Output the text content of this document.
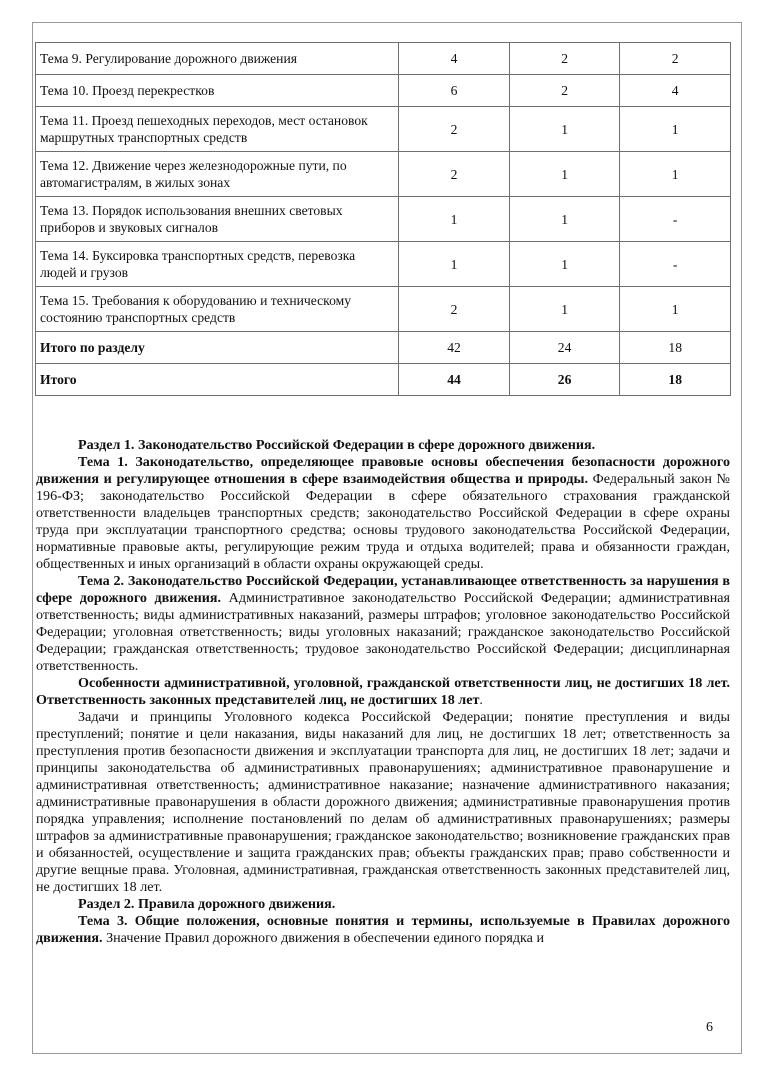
Тема 9. Регулирование дорожного движения	4	2	2
Тема 10. Проезд перекрестков	6	2	4
Тема 11. Проезд пешеходных переходов, мест остановок маршрутных транспортных средств	2	1	1
Тема 12. Движение через железнодорожные пути, по автомагистралям, в жилых зонах	2	1	1
Тема 13. Порядок использования внешних световых приборов и звуковых сигналов	1	1	-
Тема 14. Буксировка транспортных средств, перевозка людей и грузов	1	1	-
Тема 15. Требования к оборудованию и техническому состоянию транспортных средств	2	1	1
Итого по разделу	42	24	18
Итого	44	26	18

Раздел 1. Законодательство Российской Федерации в сфере дорожного движения.

Тема 1. Законодательство, определяющее правовые основы обеспечения безопасности дорожного движения и регулирующее отношения в сфере взаимодействия общества и природы. Федеральный закон № 196-ФЗ; законодательство Российской Федерации в сфере обязательного страхования гражданской ответственности владельцев транспортных средств; законодательство Российской Федерации в сфере охраны труда при эксплуатации транспортного средства; основы трудового законодательства Российской Федерации, нормативные правовые акты, регулирующие режим труда и отдыха водителей; права и обязанности граждан, общественных и иных организаций в области охраны окружающей среды.

Тема 2. Законодательство Российской Федерации, устанавливающее ответственность за нарушения в сфере дорожного движения. Административное законодательство Российской Федерации; административная ответственность; виды административных наказаний, размеры штрафов; уголовное законодательство Российской Федерации; уголовная ответственность; виды уголовных наказаний; гражданское законодательство Российской Федерации; гражданская ответственность; трудовое законодательство Российской Федерации; дисциплинарная ответственность.

Особенности административной, уголовной, гражданской ответственности лиц, не достигших 18 лет. Ответственность законных представителей лиц, не достигших 18 лет.

Задачи и принципы Уголовного кодекса Российской Федерации; понятие преступления и виды преступлений; понятие и цели наказания, виды наказаний для лиц, не достигших 18 лет; ответственность за преступления против безопасности движения и эксплуатации транспорта для лиц, не достигших 18 лет; задачи и принципы законодательства об административных правонарушениях; административное правонарушение и административная ответственность; административное наказание; назначение административного наказания; административные правонарушения в области дорожного движения; административные правонарушения против порядка управления; исполнение постановлений по делам об административных правонарушениях; размеры штрафов за административные правонарушения; гражданское законодательство; возникновение гражданских прав и обязанностей, осуществление и защита гражданских прав; объекты гражданских прав; право собственности и другие вещные права. Уголовная, административная, гражданская ответственность законных представителей лиц, не достигших 18 лет.

Раздел 2. Правила дорожного движения.

Тема 3. Общие положения, основные понятия и термины, используемые в Правилах дорожного движения. Значение Правил дорожного движения в обеспечении единого порядка и

6
